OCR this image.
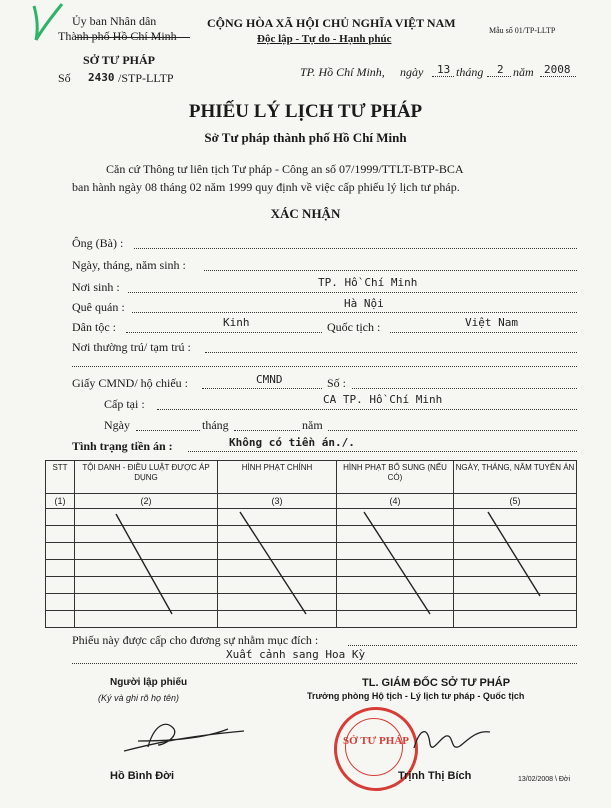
Ủy ban Nhân dân
Thành phố Hồ Chí Minh
SỞ TƯ PHÁP
Số 2430 /STP-LLTP
CỘNG HÒA XÃ HỘI CHỦ NGHĨA VIỆT NAM
Độc lập - Tự do - Hạnh phúc
Mẫu số 01/TP-LLTP
TP. Hồ Chí Minh, ngày 13 tháng 2 năm 2008
PHIẾU LÝ LỊCH TƯ PHÁP
Sở Tư pháp thành phố Hồ Chí Minh
Căn cứ Thông tư liên tịch Tư pháp - Công an số 07/1999/TTLT-BTP-BCA
ban hành ngày 08 tháng 02 năm 1999 quy định về việc cấp phiếu lý lịch tư pháp.
XÁC NHẬN
Ông (Bà) :
Ngày, tháng, năm sinh :
Nơi sinh :	TP. Hồ Chí Minh
Quê quán :	Hà Nội
Dân tộc :	Kinh	Quốc tịch :	Việt Nam
Nơi thường trú/ tạm trú :
Giấy CMND/ hộ chiếu :	CMND	Số :
Cấp tại :	CA TP. Hồ Chí Minh
Ngày	tháng	năm
Tình trạng tiền án :	Không có tiền án./.
STT	TỘI DANH - ĐIỀU LUẬT ĐƯỢC ÁP DỤNG	HÌNH PHẠT CHÍNH	HÌNH PHẠT BỔ SUNG (NẾU CÓ)	NGÀY, THÁNG, NĂM TUYÊN ÁN
(1)	(2)	(3)	(4)	(5)

Phiếu này được cấp cho đương sự nhằm mục đích :
Xuất cảnh sang Hoa Kỳ
Người lập phiếu
(Ký và ghi rõ họ tên)
Hồ Bình Đời
TL. GIÁM ĐỐC SỞ TƯ PHÁP
Trưởng phòng Hộ tịch - Lý lịch tư pháp - Quốc tịch
SỞ TƯ PHÁP
Trịnh Thị Bích	13/02/2008 \ Đời
